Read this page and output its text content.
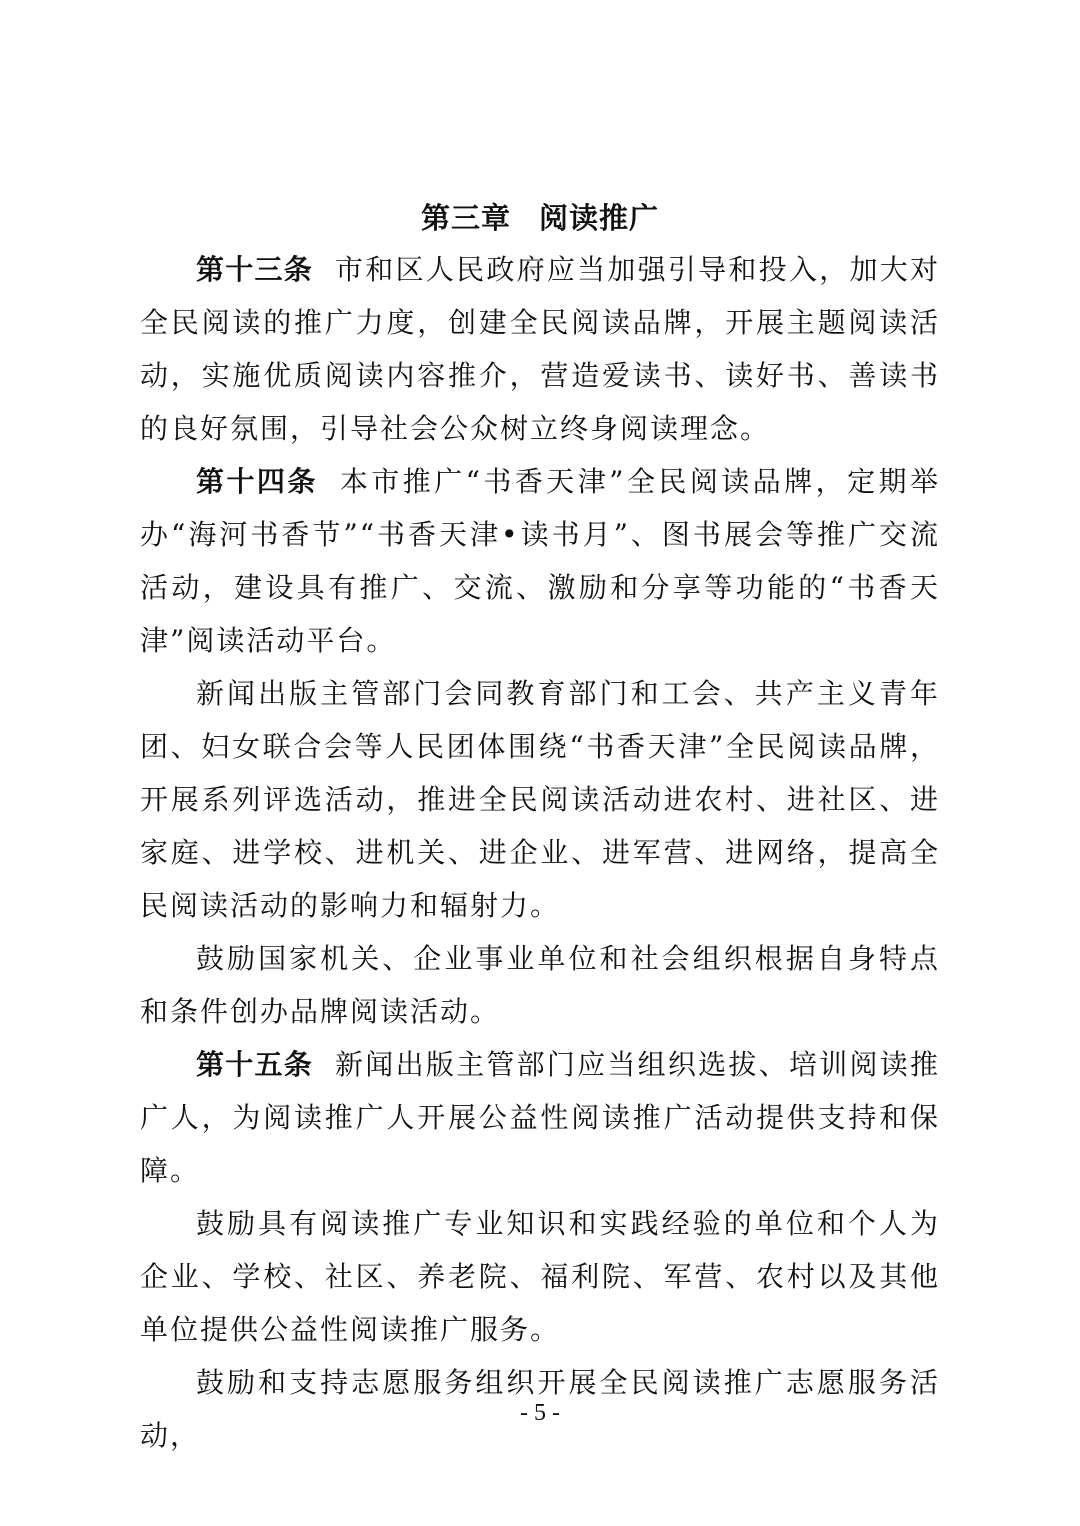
第三章 阅读推广

第十三条 市和区人民政府应当加强引导和投入，加大对全民阅读的推广力度，创建全民阅读品牌，开展主题阅读活动，实施优质阅读内容推介，营造爱读书、读好书、善读书的良好氛围，引导社会公众树立终身阅读理念。

第十四条 本市推广“书香天津”全民阅读品牌，定期举办“海河书香节”“书香天津•读书月”、图书展会等推广交流活动，建设具有推广、交流、激励和分享等功能的“书香天津”阅读活动平台。

新闻出版主管部门会同教育部门和工会、共产主义青年团、妇女联合会等人民团体围绕“书香天津”全民阅读品牌，开展系列评选活动，推进全民阅读活动进农村、进社区、进家庭、进学校、进机关、进企业、进军营、进网络，提高全民阅读活动的影响力和辐射力。

鼓励国家机关、企业事业单位和社会组织根据自身特点和条件创办品牌阅读活动。

第十五条 新闻出版主管部门应当组织选拔、培训阅读推广人，为阅读推广人开展公益性阅读推广活动提供支持和保障。

鼓励具有阅读推广专业知识和实践经验的单位和个人为企业、学校、社区、养老院、福利院、军营、农村以及其他单位提供公益性阅读推广服务。

鼓励和支持志愿服务组织开展全民阅读推广志愿服务活动，

- 5 -
